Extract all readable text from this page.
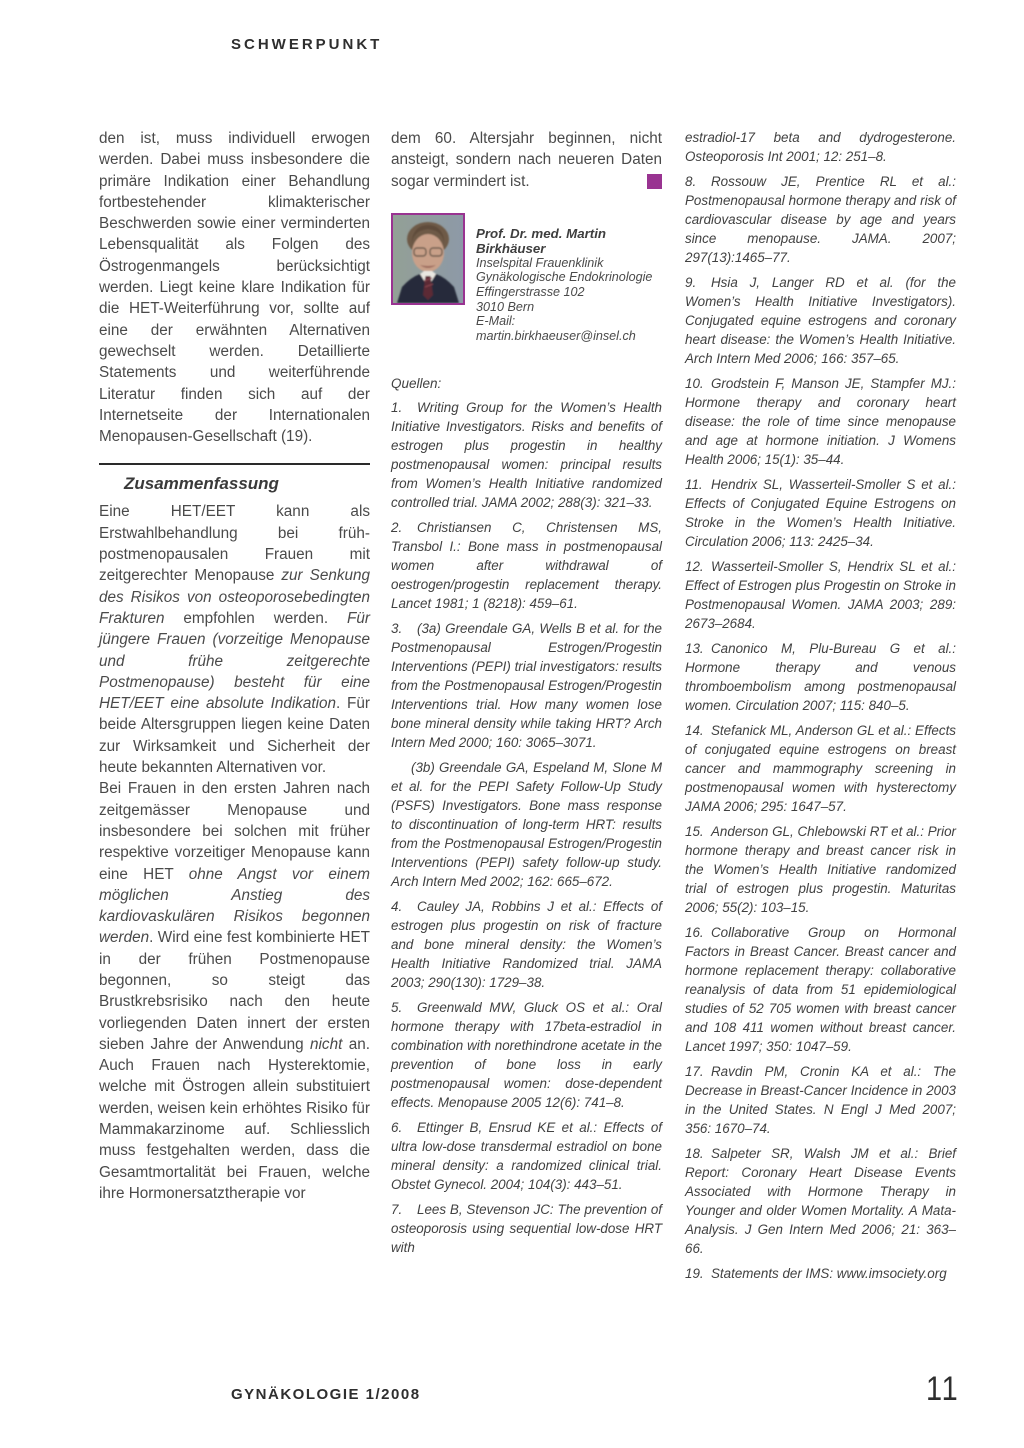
SCHWERPUNKT

den ist, muss individuell erwogen werden. Dabei muss insbesondere die primäre Indikation einer Behandlung fortbestehender klimakterischer Beschwerden sowie einer verminderten Lebensqualität als Folgen des Östrogenmangels berücksichtigt werden. Liegt keine klare Indikation für die HET-Weiterführung vor, sollte auf eine der erwähnten Alternativen gewechselt werden. Detaillierte Statements und weiterführende Literatur finden sich auf der Internetseite der Internationalen Menopausen-Gesellschaft (19).

Zusammenfassung

Eine HET/EET kann als Erstwahlbehandlung bei früh-postmenopausalen Frauen mit zeitgerechter Menopause zur Senkung des Risikos von osteoporosebedingten Frakturen empfohlen werden. Für jüngere Frauen (vorzeitige Menopause und frühe zeitgerechte Postmenopause) besteht für eine HET/EET eine absolute Indikation. Für beide Altersgruppen liegen keine Daten zur Wirksamkeit und Sicherheit der heute bekannten Alternativen vor.

Bei Frauen in den ersten Jahren nach zeitgemässer Menopause und insbesondere bei solchen mit früher respektive vorzeitiger Menopause kann eine HET ohne Angst vor einem möglichen Anstieg des kardiovaskulären Risikos begonnen werden. Wird eine fest kombinierte HET in der frühen Postmenopause begonnen, so steigt das Brustkrebsrisiko nach den heute vorliegenden Daten innert der ersten sieben Jahre der Anwendung nicht an. Auch Frauen nach Hysterektomie, welche mit Östrogen allein substituiert werden, weisen kein erhöhtes Risiko für Mammakarzinome auf. Schliesslich muss festgehalten werden, dass die Gesamtmortalität bei Frauen, welche ihre Hormonersatztherapie vor

dem 60. Altersjahr beginnen, nicht ansteigt, sondern nach neueren Daten sogar vermindert ist.

Prof. Dr. med. Martin Birkhäuser
Inselspital Frauenklinik
Gynäkologische Endokrinologie
Effingerstrasse 102
3010 Bern
E-Mail:
martin.birkhaeuser@insel.ch

Quellen:

1. Writing Group for the Women’s Health Initiative Investigators. Risks and benefits of estrogen plus progestin in healthy postmenopausal women: principal results from Women’s Health Initiative randomized controlled trial. JAMA 2002; 288(3): 321–33.

2. Christiansen C, Christensen MS, Transbol I.: Bone mass in postmenopausal women after withdrawal of oestrogen/progestin replacement therapy. Lancet 1981; 1 (8218): 459–61.

3. (3a) Greendale GA, Wells B et al. for the Postmenopausal Estrogen/Progestin Interventions (PEPI) trial investigators: results from the Postmenopausal Estrogen/Progestin Interventions trial. How many women lose bone mineral density while taking HRT? Arch Intern Med 2000; 160: 3065–3071.

(3b) Greendale GA, Espeland M, Slone M et al. for the PEPI Safety Follow-Up Study (PSFS) Investigators. Bone mass response to discontinuation of long-term HRT: results from the Postmenopausal Estrogen/Progestin Interventions (PEPI) safety follow-up study. Arch Intern Med 2002; 162: 665–672.

4. Cauley JA, Robbins J et al.: Effects of estrogen plus progestin on risk of fracture and bone mineral density: the Women’s Health Initiative Randomized trial. JAMA 2003; 290(130): 1729–38.

5. Greenwald MW, Gluck OS et al.: Oral hormone therapy with 17beta-estradiol in combination with norethindrone acetate in the prevention of bone loss in early postmenopausal women: dose-dependent effects. Menopause 2005 12(6): 741–8.

6. Ettinger B, Ensrud KE et al.: Effects of ultra low-dose transdermal estradiol on bone mineral density: a randomized clinical trial. Obstet Gynecol. 2004; 104(3): 443–51.

7. Lees B, Stevenson JC: The prevention of osteoporosis using sequential low-dose HRT with

estradiol-17 beta and dydrogesterone. Osteoporosis Int 2001; 12: 251–8.

8. Rossouw JE, Prentice RL et al.: Postmenopausal hormone therapy and risk of cardiovascular disease by age and years since menopause. JAMA. 2007; 297(13):1465–77.

9. Hsia J, Langer RD et al. (for the Women’s Health Initiative Investigators). Conjugated equine estrogens and coronary heart disease: the Women’s Health Initiative. Arch Intern Med 2006; 166: 357–65.

10. Grodstein F, Manson JE, Stampfer MJ.: Hormone therapy and coronary heart disease: the role of time since menopause and age at hormone initiation. J Womens Health 2006; 15(1): 35–44.

11. Hendrix SL, Wasserteil-Smoller S et al.: Effects of Conjugated Equine Estrogens on Stroke in the Women’s Health Initiative. Circulation 2006; 113: 2425–34.

12. Wasserteil-Smoller S, Hendrix SL et al.: Effect of Estrogen plus Progestin on Stroke in Postmenopausal Women. JAMA 2003; 289: 2673–2684.

13. Canonico M, Plu-Bureau G et al.: Hormone therapy and venous thromboembolism among postmenopausal women. Circulation 2007; 115: 840–5.

14. Stefanick ML, Anderson GL et al.: Effects of conjugated equine estrogens on breast cancer and mammography screening in postmenopausal women with hysterectomy JAMA 2006; 295: 1647–57.

15. Anderson GL, Chlebowski RT et al.: Prior hormone therapy and breast cancer risk in the Women’s Health Initiative randomized trial of estrogen plus progestin. Maturitas 2006; 55(2): 103–15.

16. Collaborative Group on Hormonal Factors in Breast Cancer. Breast cancer and hormone replacement therapy: collaborative reanalysis of data from 51 epidemiological studies of 52 705 women with breast cancer and 108 411 women without breast cancer. Lancet 1997; 350: 1047–59.

17. Ravdin PM, Cronin KA et al.: The Decrease in Breast-Cancer Incidence in 2003 in the United States. N Engl J Med 2007; 356: 1670–74.

18. Salpeter SR, Walsh JM et al.: Brief Report: Coronary Heart Disease Events Associated with Hormone Therapy in Younger and older Women Mortality. A Mata-Analysis. J Gen Intern Med 2006; 21: 363–66.

19. Statements der IMS: www.imsociety.org

GYNÄKOLOGIE 1/2008	11
